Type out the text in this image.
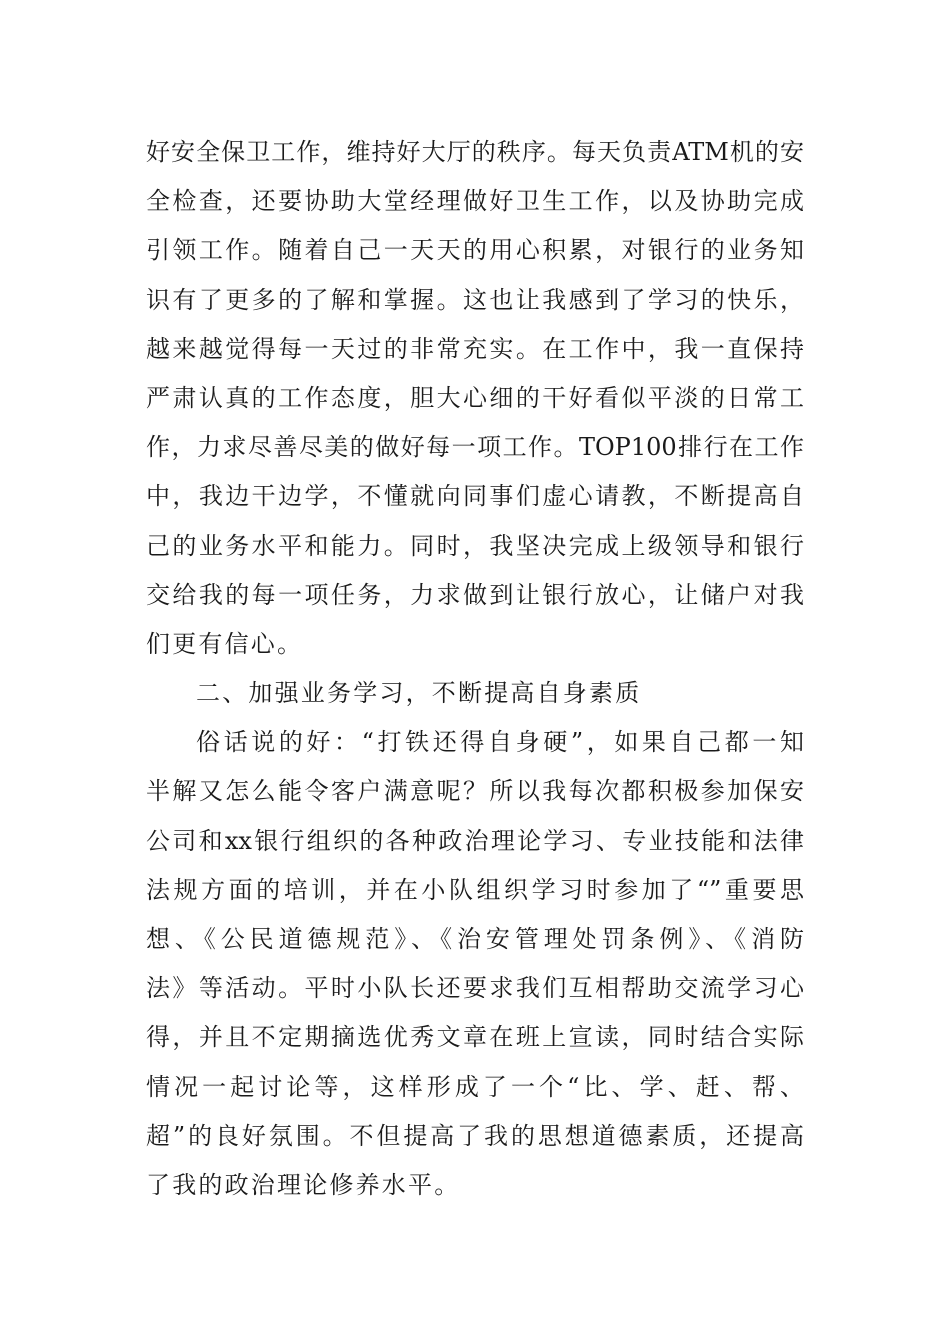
好安全保卫工作，维持好大厅的秩序。每天负责ATM机的安
全检查，还要协助大堂经理做好卫生工作，以及协助完成
引领工作。随着自己一天天的用心积累，对银行的业务知
识有了更多的了解和掌握。这也让我感到了学习的快乐，
越来越觉得每一天过的非常充实。在工作中，我一直保持
严肃认真的工作态度，胆大心细的干好看似平淡的日常工
作，力求尽善尽美的做好每一项工作。TOP100排行在工作
中，我边干边学，不懂就向同事们虚心请教，不断提高自
己的业务水平和能力。同时，我坚决完成上级领导和银行
交给我的每一项任务，力求做到让银行放心，让储户对我
们更有信心。
二、加强业务学习，不断提高自身素质
俗话说的好：“打铁还得自身硬”，如果自己都一知
半解又怎么能令客户满意呢？所以我每次都积极参加保安
公司和xx银行组织的各种政治理论学习、专业技能和法律
法规方面的培训，并在小队组织学习时参加了“”重要思
想、《公民道德规范》、《治安管理处罚条例》、《消防
法》等活动。平时小队长还要求我们互相帮助交流学习心
得，并且不定期摘选优秀文章在班上宣读，同时结合实际
情况一起讨论等，这样形成了一个“比、学、赶、帮、
超”的良好氛围。不但提高了我的思想道德素质，还提高
了我的政治理论修养水平。
